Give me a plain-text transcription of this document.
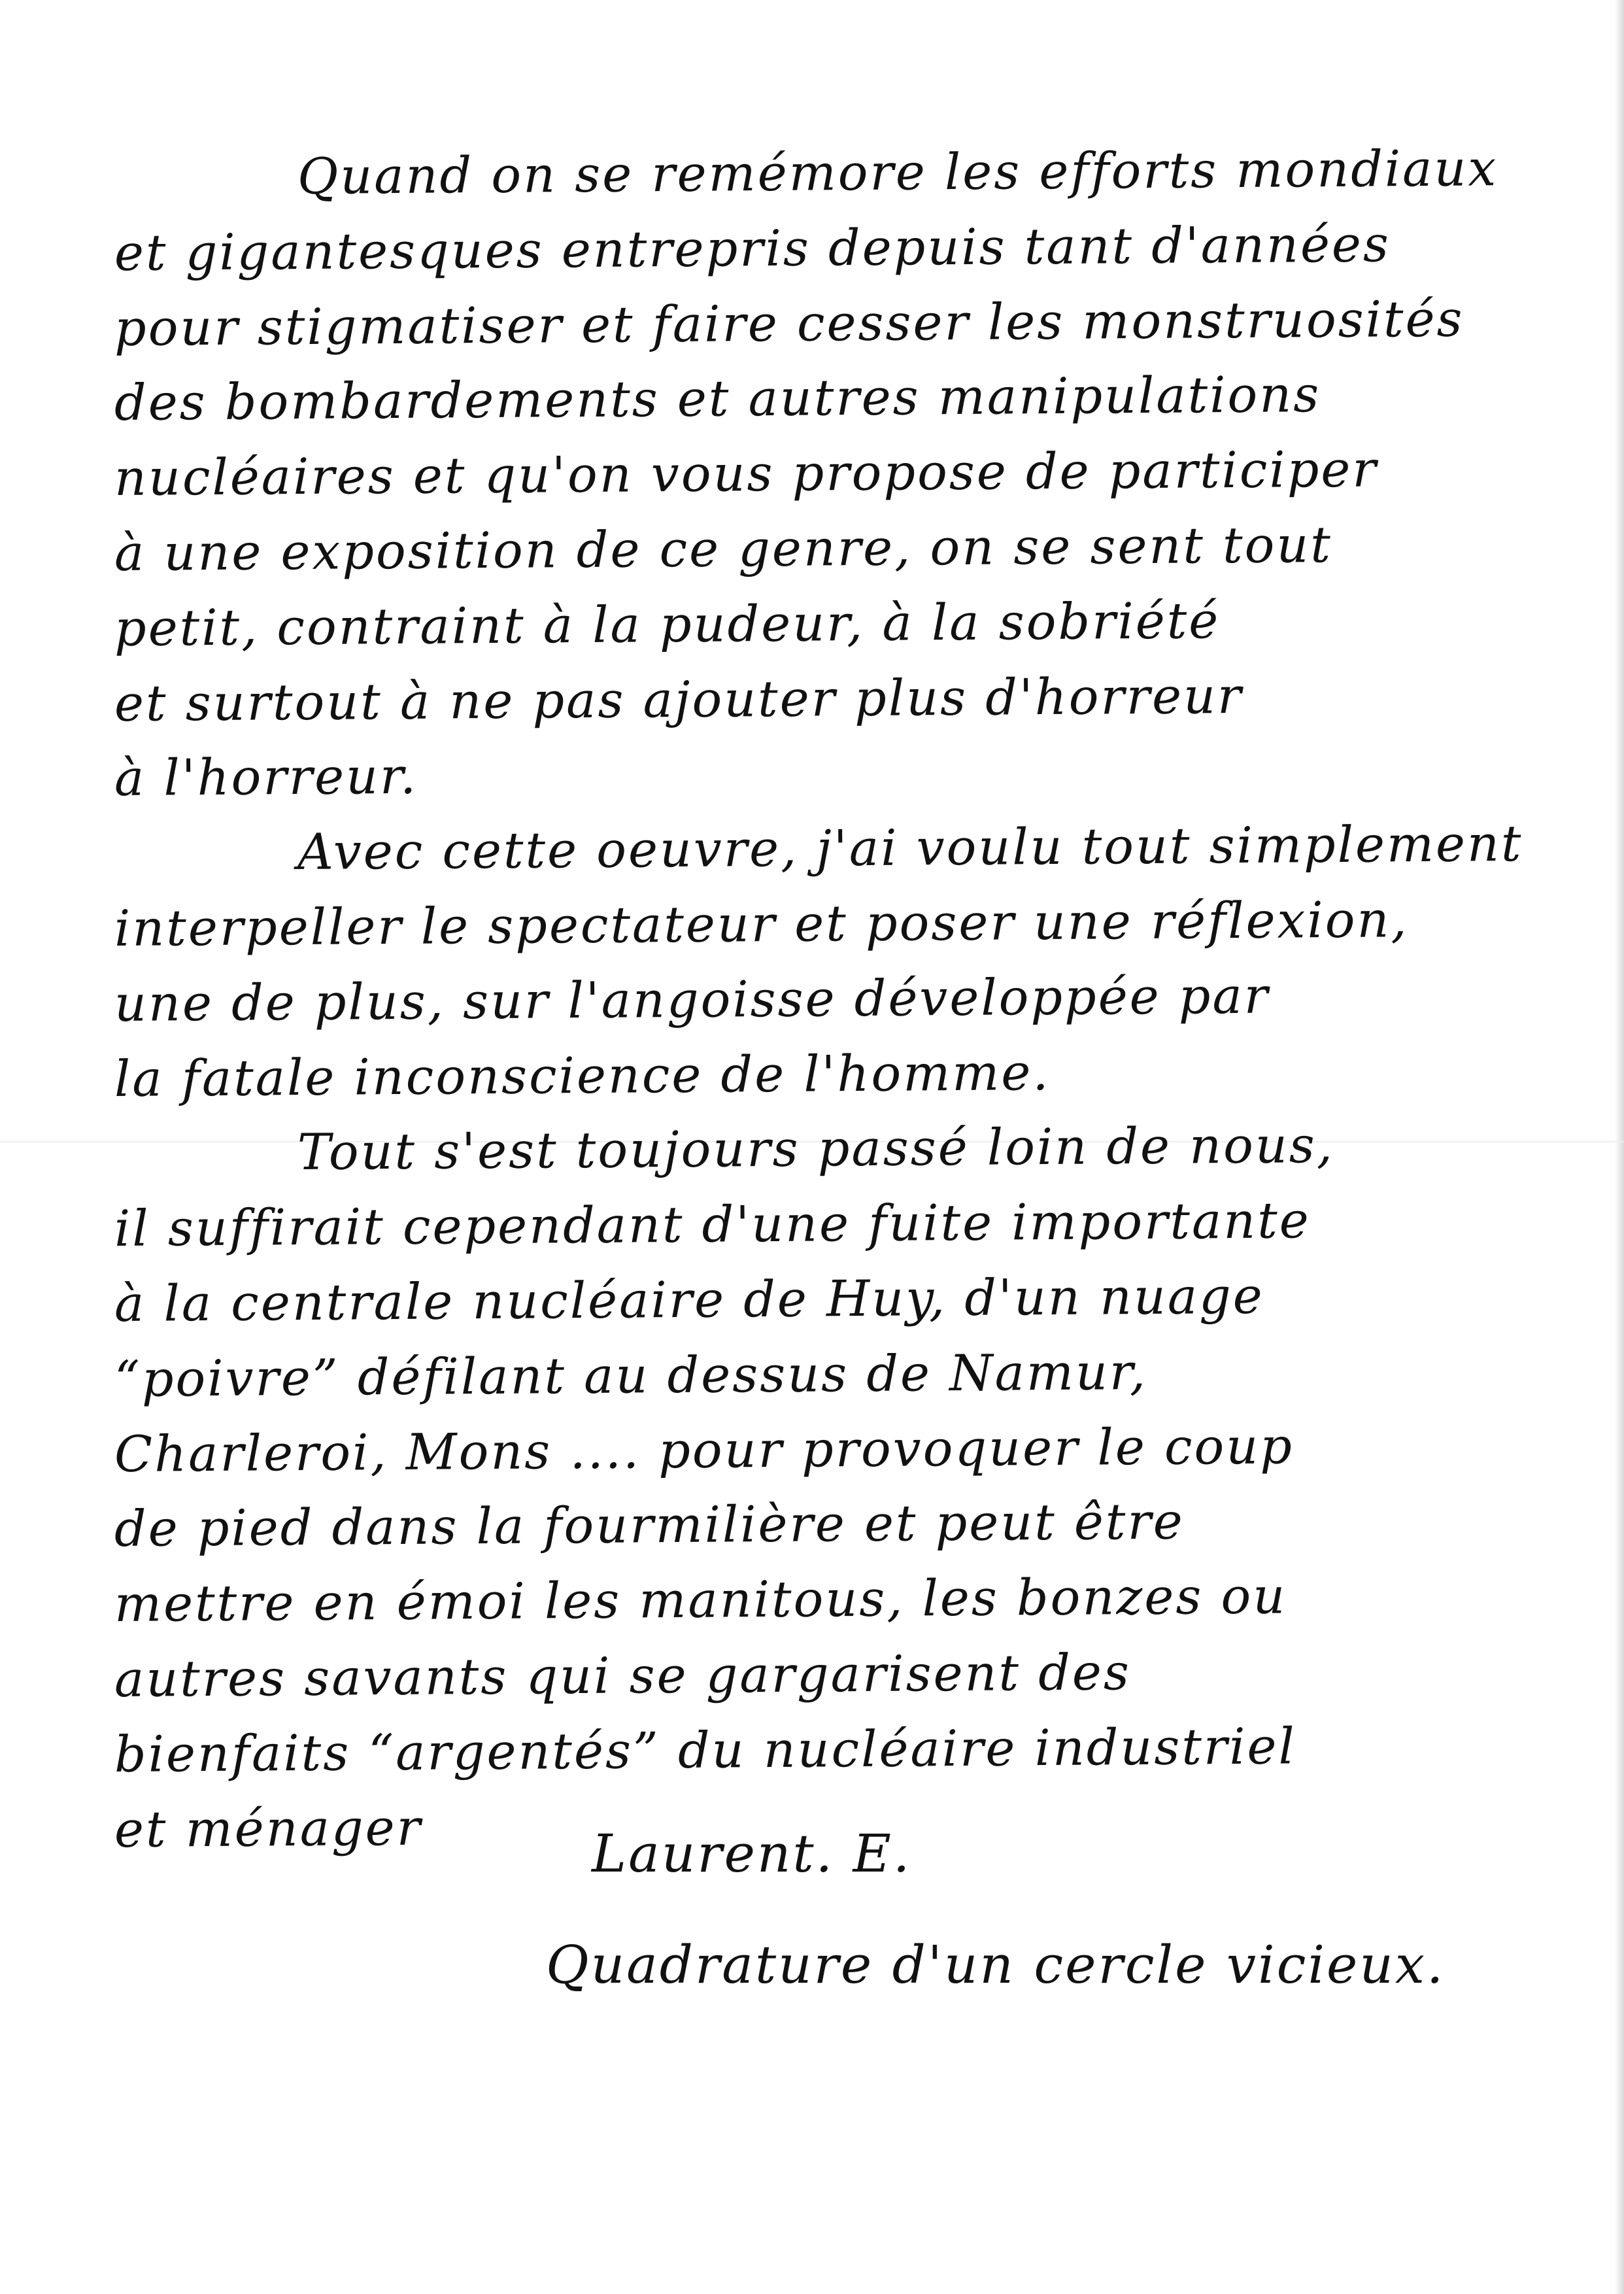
Quand on se remémore les efforts mondiaux
et gigantesques entrepris depuis tant d'années
pour stigmatiser et faire cesser les monstruosités
des bombardements et autres manipulations
nucléaires et qu'on vous propose de participer
à une exposition de ce genre, on se sent tout
petit, contraint à la pudeur, à la sobriété
et surtout à ne pas ajouter plus d'horreur
à l'horreur.
Avec cette oeuvre, j'ai voulu tout simplement
interpeller le spectateur et poser une réflexion,
une de plus, sur l'angoisse développée par
la fatale inconscience de l'homme.
Tout s'est toujours passé loin de nous,
il suffirait cependant d'une fuite importante
à la centrale nucléaire de Huy, d'un nuage
“poivre” défilant au dessus de Namur,
Charleroi, Mons .... pour provoquer le coup
de pied dans la fourmilière et peut être
mettre en émoi les manitous, les bonzes ou
autres savants qui se gargarisent des
bienfaits “argentés” du nucléaire industriel
et ménager	Laurent. E.
Quadrature d'un cercle vicieux.
